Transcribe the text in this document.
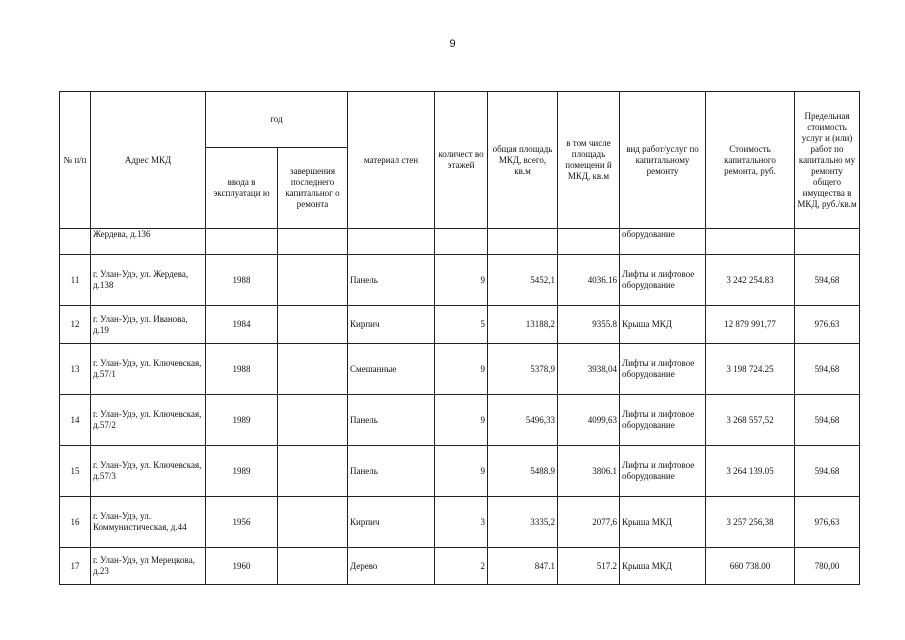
9
№ п/п	Адрес МКД	год		материал стен	количест во этажей	общая площадь МКД, всего, кв.м	в том числе площадь помещени й МКД, кв.м	вид работ/услуг по капитальному ремонту	Стоимость капитального ремонта, руб.	Предельная стоимость услуг и (или) работ по капитально му ремонту общего имущества в МКД, руб./кв.м
		ввода в эксплуатаци ю	завершения последнего капитальног о ремонта							
	Жердева, д.136							оборудование		
11	г. Улан-Удэ, ул. Жердева, д.138	1988		Панель	9	5452,1	4036.16	Лифты и лифтовое оборудование	3 242 254.83	594,68
12	г. Улан-Удэ, ул. Иванова, д.19	1984		Кирпич	5	13188,2	9355.8	Крыша МКД	12 879 991,77	976.63
13	г. Улан-Удэ, ул. Ключевская, д.57/1	1988		Смешанные	9	5378,9	3938,04	Лифты и лифтовое оборудование	3 198 724.25	594,68
14	г. Улан-Удэ, ул. Ключевская, д.57/2	1989		Панель	9	5496,33	4099,63	Лифты и лифтовое оборудование	3 268 557,52	594,68
15	г. Улан-Удэ, ул. Ключевская, д.57/3	1989		Панель	9	5488.9	3806.1	Лифты и лифтовое оборудование	3 264 139.05	594.68
16	г. Улан-Удэ, ул. Коммунистическая, д.44	1956		Кирпич	3	3335,2	2077,6	Крыша МКД	3 257 256,38	976,63
17	г. Улан-Удэ, ул Мерецкова, д.23	1960		Дерево	2	847.1	517.2	Крыша МКД	660 738.00	780,00
